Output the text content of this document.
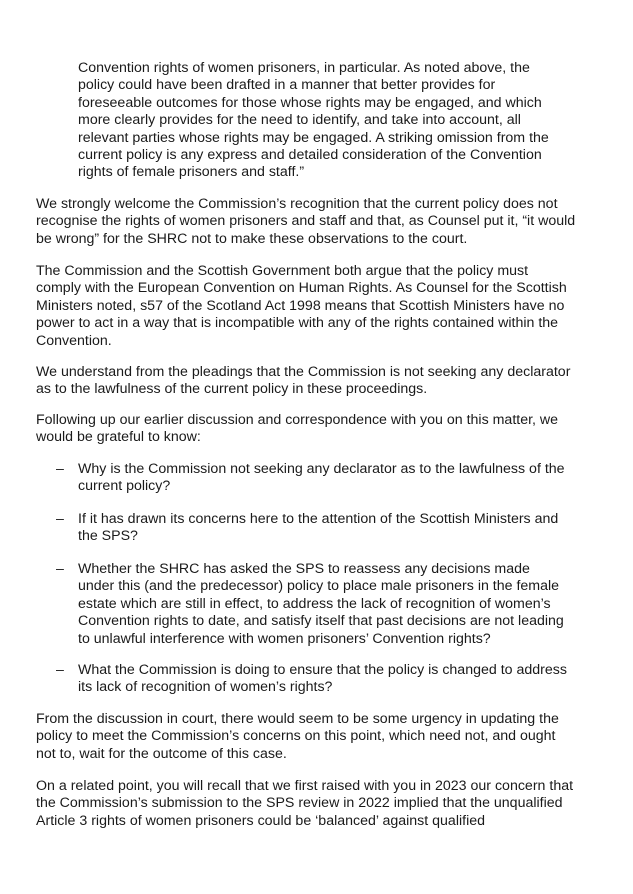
Convention rights of women prisoners, in particular. As noted above, the policy could have been drafted in a manner that better provides for foreseeable outcomes for those whose rights may be engaged, and which more clearly provides for the need to identify, and take into account, all relevant parties whose rights may be engaged. A striking omission from the current policy is any express and detailed consideration of the Convention rights of female prisoners and staff.”

We strongly welcome the Commission’s recognition that the current policy does not recognise the rights of women prisoners and staff and that, as Counsel put it, “it would be wrong” for the SHRC not to make these observations to the court.

The Commission and the Scottish Government both argue that the policy must comply with the European Convention on Human Rights. As Counsel for the Scottish Ministers noted, s57 of the Scotland Act 1998 means that Scottish Ministers have no power to act in a way that is incompatible with any of the rights contained within the Convention.

We understand from the pleadings that the Commission is not seeking any declarator as to the lawfulness of the current policy in these proceedings.

Following up our earlier discussion and correspondence with you on this matter, we would be grateful to know:

– Why is the Commission not seeking any declarator as to the lawfulness of the current policy?

– If it has drawn its concerns here to the attention of the Scottish Ministers and the SPS?

– Whether the SHRC has asked the SPS to reassess any decisions made under this (and the predecessor) policy to place male prisoners in the female estate which are still in effect, to address the lack of recognition of women’s Convention rights to date, and satisfy itself that past decisions are not leading to unlawful interference with women prisoners’ Convention rights?

– What the Commission is doing to ensure that the policy is changed to address its lack of recognition of women’s rights?

From the discussion in court, there would seem to be some urgency in updating the policy to meet the Commission’s concerns on this point, which need not, and ought not to, wait for the outcome of this case.

On a related point, you will recall that we first raised with you in 2023 our concern that the Commission’s submission to the SPS review in 2022 implied that the unqualified Article 3 rights of women prisoners could be ‘balanced’ against qualified
